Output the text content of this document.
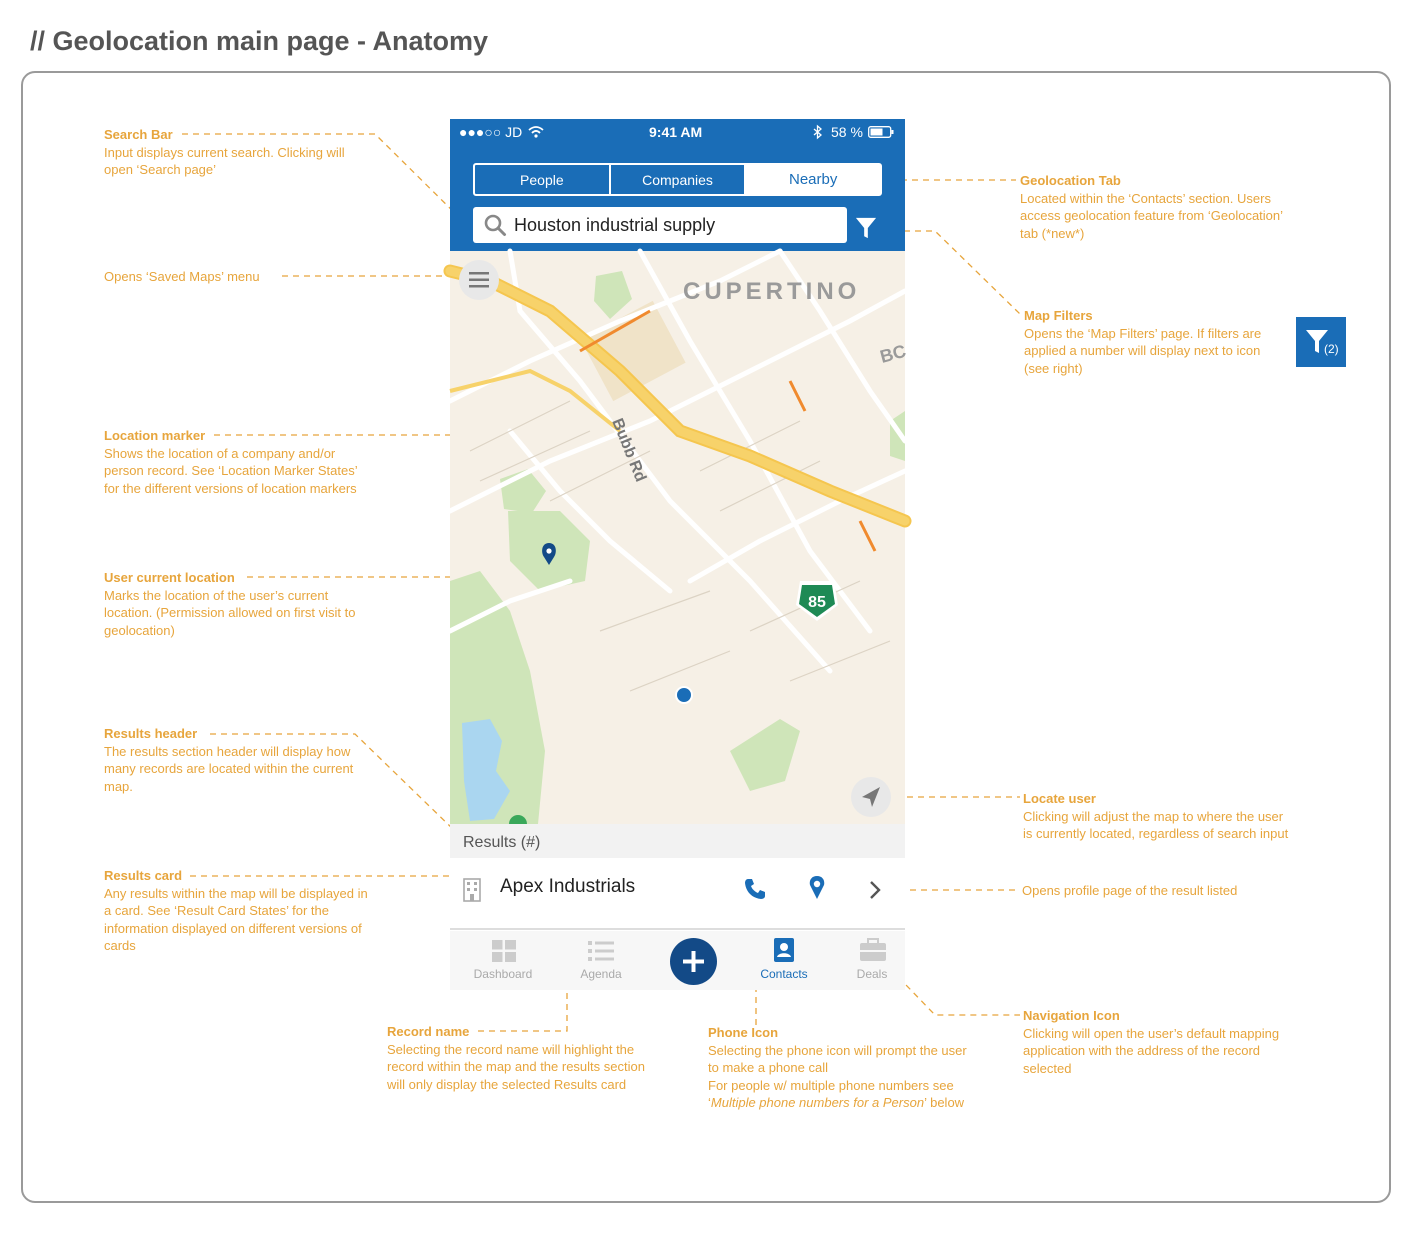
// Geolocation main page - Anatomy
Search Bar
Input displays current search. Clicking will open ‘Search page’
Opens ‘Saved Maps’ menu
Location marker
Shows the location of a company and/or person record. See ‘Location Marker States’ for the different versions of location markers
User current location
Marks the location of the user’s current location. (Permission allowed on first visit to geolocation)
Results header
The results section header will display how many records are located within the current map.
Results card
Any results within the map will be displayed in a card. See ‘Result Card States’ for the information displayed on different versions of cards
Record name
Selecting the record name will highlight the record within the map and the results section will only display the selected Results card
Phone Icon
Selecting the phone icon will prompt the user to make a phone call
For people w/ multiple phone numbers see ‘Multiple phone numbers for a Person’ below
Geolocation Tab
Located within the ‘Contacts’ section. Users access geolocation feature from ‘Geolocation’ tab (*new*)
Map Filters
Opens the ‘Map Filters’ page. If filters are applied a number will display next to icon (see right)
Locate user
Clicking will adjust the map to where the user is currently located, regardless of search input
Opens profile page of the result listed
Navigation Icon
Clicking will open the user’s default mapping application with the address of the record selected
(2)
●●●○○ JD	9:41 AM	58 %
People	Companies	Nearby
Houston industrial supply
CUPERTINO
BC
Bubb Rd
85
Results (#)
Apex Industrials
Dashboard	Agenda	Contacts	Deals
